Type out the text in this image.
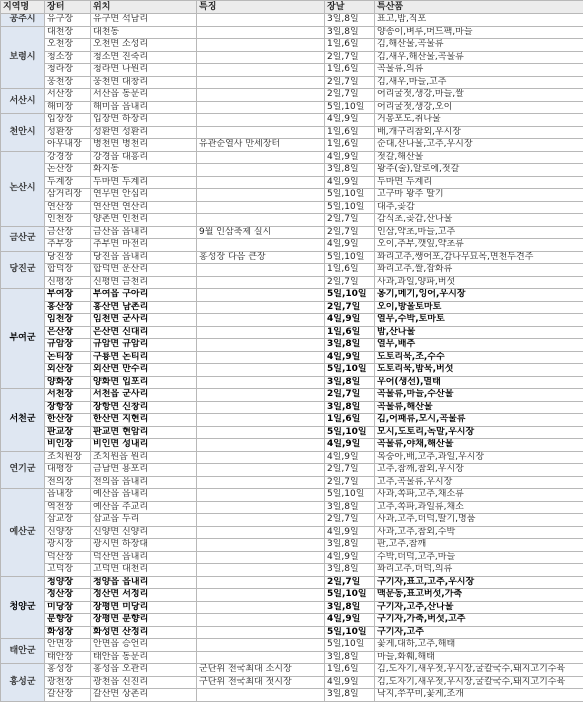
지역명	장터	위치	특징	장날	특산품
공주시	유구장	유구면 석남리		3일,8일	표고,밤,직포
보령시	대천장	대천동		3일,8일	양송이,벼루,머드팩,마늘
	오천장	오천면 소성리		1일,6일	김,해산물,곡물류
	청소장	청소면 진죽리		2일,7일	김,새우,해산물,곡물류
	청라장	청라면 나원리		1일,6일	곡물류,의류
	웅천장	웅천면 대창리		2일,7일	김,새우,마늘,고추
서산시	서산장	서산읍 동문리		2일,7일	어리굴젓,생강,마늘,쌀
	해미장	해미읍 읍내리		5일,10일	어리굴젓,생강,오이
천안시	입장장	입장면 하장리		4일,9일	거봉포도,취나물
	성환장	성환면 성환리		1일,6일	배,개구리참외,우시장
	아우내장	병천면 병천리	유관순열사 만세장터	1일,6일	순대,산나물,고추,우시장
논산시	강경장	강경읍 대흥리		4일,9일	젓갈,해산물
	논산장	화지동		3일,8일	왕주(술),알로에,젓갈
	두계장	두마면 두계리		4일,9일	두마면 두계리
	삼거리장	연무면 안심리		5일,10일	고구마 왕주 딸기
	연산장	연산면 연산리		5일,10일	대추,곶감
	인천장	양촌면 인천리		2일,7일	감식초,곶감,산나물
금산군	금산장	금산읍 읍내리	9월 인삼축제 실시	2일,7일	인삼,약초,마늘,고추
	추부장	추부면 마전리		4일,9일	오이,추부,깻잎,약초류
당진군	당진장	당진읍 읍내리	홍성장 다음 큰장	5일,10일	꽈리고추,쌩어포,감나무묘목,면천두견주
	합덕장	합덕면 운산리		1일,6일	꽈리고추,쌀,잡화류
	신평장	신평면 금천리		2일,7일	사과,과일,양파,버섯
부여군	부여장	부여읍 구아리		5일,10일	옹기,메기,잉어,우시장
	홍산장	홍산면 남촌리		2일,7일	오이,방울토마토
	임천장	임천면 군사리		4일,9일	열무,수박,토마토
	은산장	은산면 신대리		1일,6일	밤,산나물
	규암장	규암면 규암리		3일,8일	열무,배추
	논티장	구룡면 논티리		4일,9일	도토리묵,조,수수
	외산장	외산면 만수리		5일,10일	도토리묵,밤묵,버섯
	양화장	양화면 입포리		3일,8일	우어(생선),멸태
서천군	서천장	서천읍 군사리		2일,7일	곡물류,마늘,수산물
	장항장	장항면 신창리		3일,8일	곡물류,해산물
	한산장	한산면 지현리		1일,6일	김,어패류,모시,곡물류
	판교장	판교면 현암리		5일,10일	모시,도토리,녹말,우시장
	비인장	비인면 성내리		4일,9일	곡물류,야채,해산물
연기군	조치원장	조치원읍 원리		4일,9일	복숭아,배,고추,과일,우시장
	대평장	금남면 용포리		2일,7일	고추,참깨,참외,우시장
	전의장	전의읍 읍내리		2일,7일	고추,곡물류,우시장
예산군	읍내장	예산읍 읍내리		5일,10일	사과,쪽파,고추,채소류
	역전장	예산읍 주교리		3일,8일	고추,쪽파,과일류,채소
	삽교장	삽교읍 두리		2일,7일	사과,고추,더덕,딸기,명품
	신양장	신양면 신양리		4일,9일	사과,고추,참외,수박
	광시장	광시면 하장대		3일,8일	판,고추,참깨
	덕산장	덕산면 읍내리		4일,9일	수박,더덕,고추,마늘
	고덕장	고덕면 대천리		3일,8일	꽈리고추,더덕,의류
청양군	청양장	청양읍 읍내리		2일,7일	구기자,표고,고추,우시장
	정산장	정산면 서정리		5일,10일	맥문동,표고버섯,가축
	미당장	장평면 미당리		3일,8일	구기자,고추,산나물
	분향장	장평면 분향리		4일,9일	구기자,가축,버섯,고추
	화성장	화성면 산정리		5일,10일	구기자,고추
태안군	안면장	안면읍 승언리		5일,10일	꽃게,대하,고추,해태
	태안장	태안읍 동문리		3일,8일	마늘,화훼,해태
홍성군	홍성장	홍성읍 오관리	군단위 전국최대 소시장	1일,6일	김,도자기,새우젓,우시장,굴칼국수,돼지고기수육
	광천장	광천읍 신진리	구단위 전국최대 젓시장	4일,9일	김,도자기,새우젓,우시장,굴칼국수,돼지고기수육
	갈산장	갈산면 상촌리		3일,8일	낙지,쭈꾸미,꽃게,조개
